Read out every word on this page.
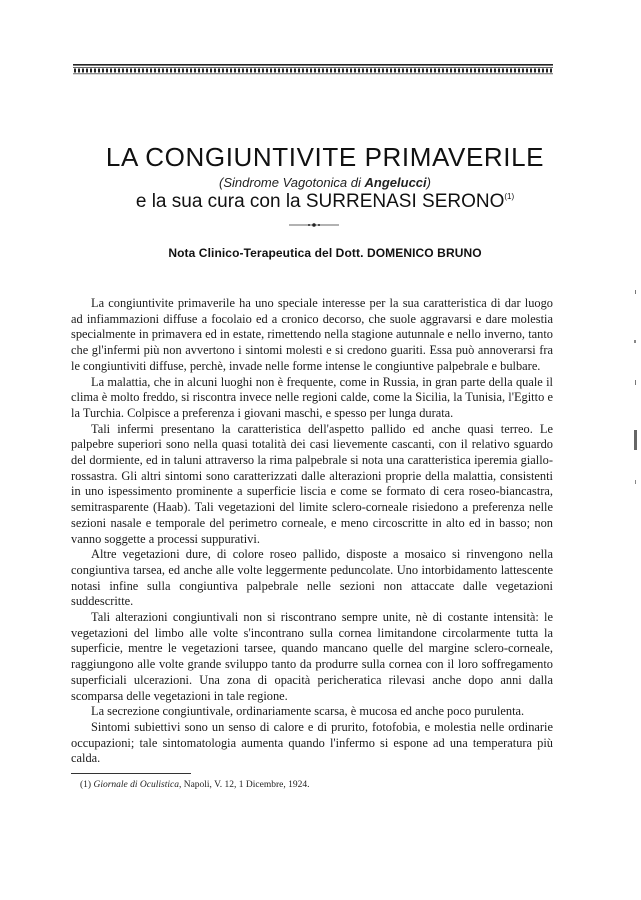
LA CONGIUNTIVITE PRIMAVERILE
(Sindrome Vagotonica di Angelucci)
e la sua cura con la SURRENASI SERONO$^{(1)}$
Nota Clinico-Terapeutica del Dott. DOMENICO BRUNO

La congiuntivite primaverile ha uno speciale interesse per la sua caratteristica di dar luogo ad infiammazioni diffuse a focolaio ed a cronico decorso, che suole aggravarsi e dare molestia specialmente in primavera ed in estate, rimettendo nella stagione autunnale e nello inverno, tanto che gl'infermi più non avvertono i sintomi molesti e si credono guariti. Essa può annoverarsi fra le congiuntiviti diffuse, perchè, invade nelle forme intense le congiuntive palpebrale e bulbare.

La malattia, che in alcuni luoghi non è frequente, come in Russia, in gran parte della quale il clima è molto freddo, si riscontra invece nelle regioni calde, come la Sicilia, la Tunisia, l'Egitto e la Turchia. Colpisce a preferenza i giovani maschi, e spesso per lunga durata.

Tali infermi presentano la caratteristica dell'aspetto pallido ed anche quasi terreo. Le palpebre superiori sono nella quasi totalità dei casi lievemente cascanti, con il relativo sguardo del dormiente, ed in taluni attraverso la rima palpebrale si nota una caratteristica iperemia giallo-rossastra. Gli altri sintomi sono caratterizzati dalle alterazioni proprie della malattia, consistenti in uno ispessimento prominente a superficie liscia e come se formato di cera roseo-biancastra, semitrasparente (Haab). Tali vegetazioni del limite sclero-corneale risiedono a preferenza nelle sezioni nasale e temporale del perimetro corneale, e meno circoscritte in alto ed in basso; non vanno soggette a processi suppurativi.

Altre vegetazioni dure, di colore roseo pallido, disposte a mosaico si rinvengono nella congiuntiva tarsea, ed anche alle volte leggermente peduncolate. Uno intorbidamento lattescente notasi infine sulla congiuntiva palpebrale nelle sezioni non attaccate dalle vegetazioni suddescritte.

Tali alterazioni congiuntivali non si riscontrano sempre unite, nè di costante intensità: le vegetazioni del limbo alle volte s'incontrano sulla cornea limitandone circolarmente tutta la superficie, mentre le vegetazioni tarsee, quando mancano quelle del margine sclero-corneale, raggiungono alle volte grande sviluppo tanto da produrre sulla cornea con il loro soffregamento superficiali ulcerazioni. Una zona di opacità pericheratica rilevasi anche dopo anni dalla scomparsa delle vegetazioni in tale regione.

La secrezione congiuntivale, ordinariamente scarsa, è mucosa ed anche poco purulenta.

Sintomi subiettivi sono un senso di calore e di prurito, fotofobia, e molestia nelle ordinarie occupazioni; tale sintomatologia aumenta quando l'infermo si espone ad una temperatura più calda.

(1) Giornale di Oculistica, Napoli, V. 12, 1 Dicembre, 1924.
